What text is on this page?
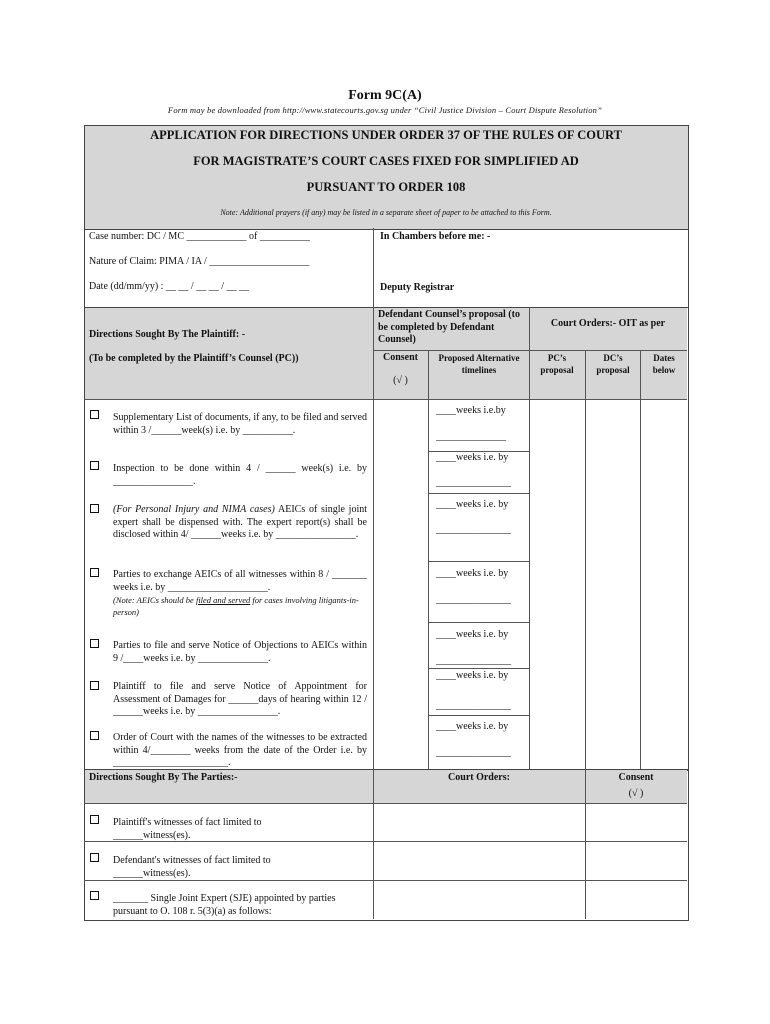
Form 9C(A)
Form may be downloaded from http://www.statecourts.gov.sg under “Civil Justice Division – Court Dispute Resolution”
APPLICATION FOR DIRECTIONS UNDER ORDER 37 OF THE RULES OF COURT
FOR MAGISTRATE’S COURT CASES FIXED FOR SIMPLIFIED AD
PURSUANT TO ORDER 108
Note: Additional prayers (if any) may be listed in a separate sheet of paper to be attached to this Form.
Case number: DC / MC ____________ of __________
Nature of Claim: PIMA / IA / ____________________
Date (dd/mm/yy) : __ __ / __ __ / __ __
In Chambers before me: -
Deputy Registrar
Directions Sought By The Plaintiff: -
(To be completed by the Plaintiff’s Counsel (PC))
Defendant Counsel’s proposal (to be completed by Defendant Counsel)
Consent
(√ )
Proposed Alternative timelines
Court Orders:- OIT as per
PC’s proposal
DC’s proposal
Dates below
Supplementary List of documents, if any, to be filed and served within 3 /______week(s) i.e. by __________.
____weeks i.e.by
______________
Inspection to be done within 4 / ______ week(s) i.e. by ________________.
____weeks i.e. by
_______________
(For Personal Injury and NIMA cases) AEICs of single joint expert shall be dispensed with. The expert report(s) shall be disclosed within 4/ ______weeks i.e. by ________________.
____weeks i.e. by
_______________
Parties to exchange AEICs of all witnesses within 8 / _______ weeks i.e. by ____________________.
(Note: AEICs should be filed and served for cases involving litigants-in-person)
____weeks i.e. by
_______________
Parties to file and serve Notice of Objections to AEICs within 9 /____weeks i.e. by ______________.
____weeks i.e. by
_______________
Plaintiff to file and serve Notice of Appointment for Assessment of Damages for ______days of hearing within 12 / ______weeks i.e. by ________________.
____weeks i.e. by
_______________
Order of Court with the names of the witnesses to be extracted within 4/________ weeks from the date of the Order i.e. by _______________________.
____weeks i.e. by
_______________
Directions Sought By The Parties:-	Court Orders:	Consent
(√ )
Plaintiff's witnesses of fact limited to ______witness(es).
Defendant's witnesses of fact limited to ______witness(es).
_______ Single Joint Expert (SJE) appointed by parties pursuant to O. 108 r. 5(3)(a) as follows:
